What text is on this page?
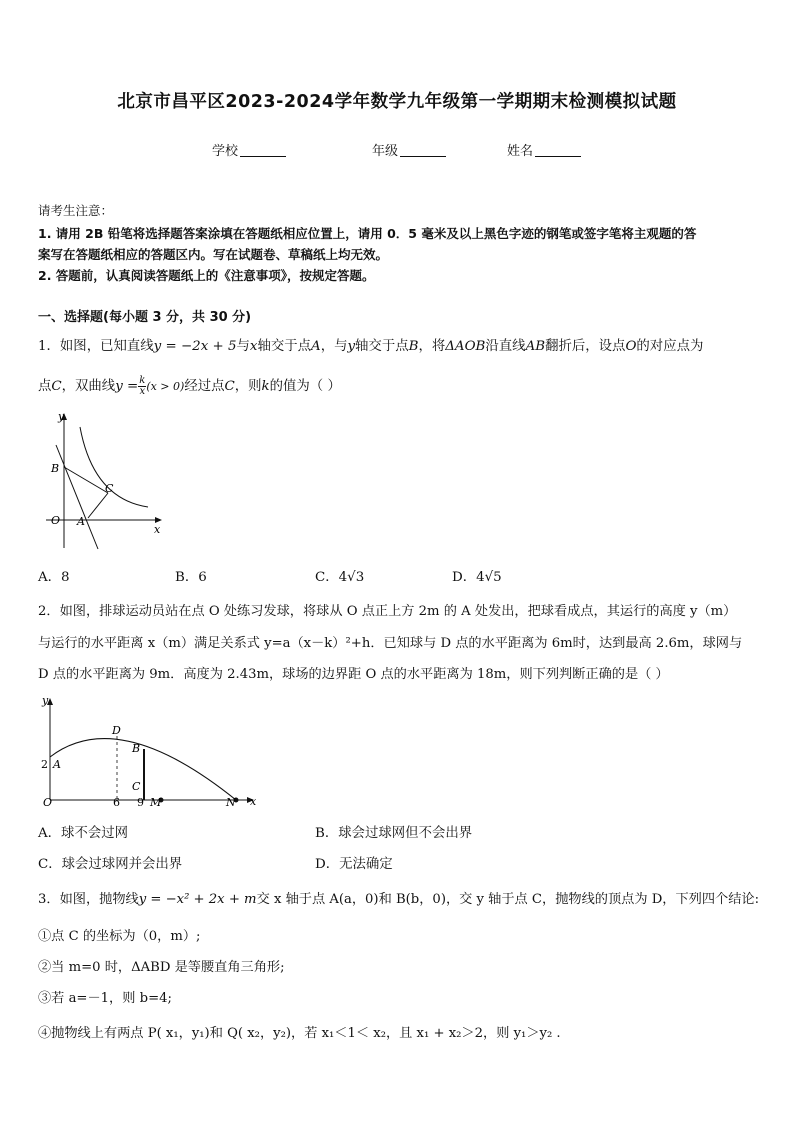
北京市昌平区2023-2024学年数学九年级第一学期期末检测模拟试题
学校	年级	姓名
请考生注意：
1. 请用 2B 铅笔将选择题答案涂填在答题纸相应位置上，请用 0．5 毫米及以上黑色字迹的钢笔或签字笔将主观题的答
案写在答题纸相应的答题区内。写在试题卷、草稿纸上均无效。
2. 答题前，认真阅读答题纸上的《注意事项》，按规定答题。
一、选择题(每小题 3 分，共 30 分)
1．如图，已知直线y = −2x + 5与x轴交于点A，与y轴交于点B，将ΔAOB沿直线AB翻折后，设点O的对应点为
点C，双曲线$y = \frac{k}{x} (x > 0)$经过点C，则k的值为（ ）
y
x
B
C
O A
A．8	B．6	C．4√3	D．4√5
2．如图，排球运动员站在点 O 处练习发球，将球从 O 点正上方 2m 的 A 处发出，把球看成点，其运行的高度 y（m）
与运行的水平距离 x（m）满足关系式 y=a（x－k）²+h．已知球与 D 点的水平距离为 6m时，达到最高 2.6m，球网与
D 点的水平距离为 9m．高度为 2.43m，球场的边界距 O 点的水平距离为 18m，则下列判断正确的是（ ）
y
x
D
B
C
A
2
O	6 9 M	N
A．球不会过网	B．球会过球网但不会出界
C．球会过球网并会出界	D．无法确定
3．如图，抛物线y = −x² + 2x + m交 x 轴于点 A(a，0)和 B(b，0)，交 y 轴于点 C，抛物线的顶点为 D，下列四个结论:
①点 C 的坐标为（0，m）;
②当 m=0 时，ΔABD 是等腰直角三角形;
③若 a=－1，则 b=4;
④抛物线上有两点 P( x₁，y₁)和 Q( x₂，y₂)，若 x₁＜1＜ x₂，且 x₁ + x₂＞2，则 y₁＞y₂ .
